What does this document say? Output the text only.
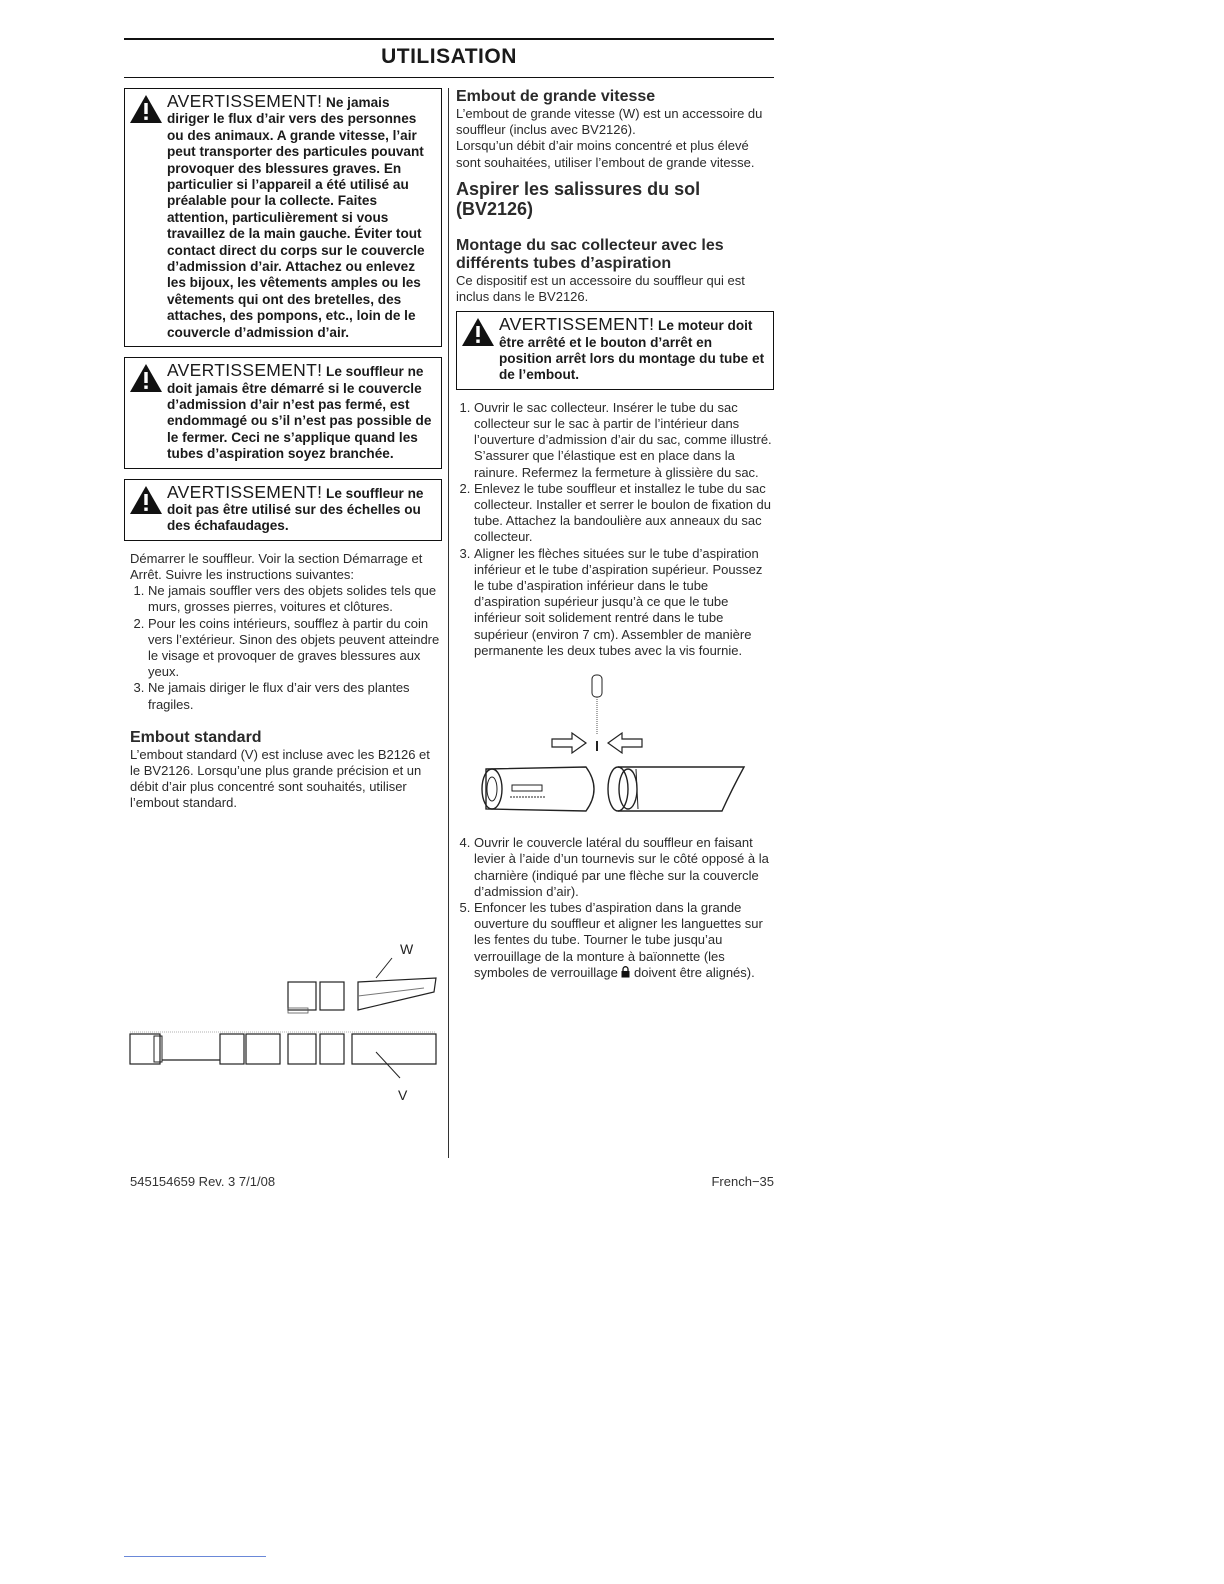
UTILISATION
AVERTISSEMENT! Ne jamais diriger le flux d’air vers des personnes ou des animaux. A grande vitesse, l’air peut transporter des particules pouvant provoquer des blessures graves. En particulier si l’appareil a été utilisé au préalable pour la collecte. Faites attention, particulièrement si vous travaillez de la main gauche. Éviter tout contact direct du corps sur le couvercle d’admission d’air. Attachez ou enlevez les bijoux, les vêtements amples ou les vêtements qui ont des bretelles, des attaches, des pompons, etc., loin de le couvercle d’admission d’air.
AVERTISSEMENT! Le souffleur ne doit jamais être démarré si le couvercle d’admission d’air n’est pas fermé, est endommagé ou s’il n’est pas possible de le fermer. Ceci ne s’applique quand les tubes d’aspiration soyez branchée.
AVERTISSEMENT! Le souffleur ne doit pas être utilisé sur des échelles ou des échafaudages.

Démarrer le souffleur. Voir la section Démarrage et Arrêt. Suivre les instructions suivantes:

1. Ne jamais souffler vers des objets solides tels que murs, grosses pierres, voitures et clôtures.
2. Pour les coins intérieurs, soufflez à partir du coin vers l’extérieur. Sinon des objets peuvent atteindre le visage et provoquer de graves blessures aux yeux.
3. Ne jamais diriger le flux d’air vers des plantes fragiles.
Embout standard

L’embout standard (V) est incluse avec les B2126 et le BV2126. Lorsqu’une plus grande précision et un débit d’air plus concentré sont souhaités, utiliser l’embout standard.

W
V
Embout de grande vitesse

L’embout de grande vitesse (W) est un accessoire du souffleur (inclus avec BV2126).

Lorsqu’un débit d’air moins concentré et plus élevé sont souhaitées, utiliser l’embout de grande vitesse.

Aspirer les salissures du sol (BV2126)
Montage du sac collecteur avec les différents tubes d’aspiration

Ce dispositif est un accessoire du souffleur qui est inclus dans le BV2126.

AVERTISSEMENT! Le moteur doit être arrêté et le bouton d’arrêt en position arrêt lors du montage du tube et de l’embout.
1. Ouvrir le sac collecteur. Insérer le tube du sac collecteur sur le sac à partir de l’intérieur dans l’ouverture d’admission d’air du sac, comme illustré. S’assurer que l’élastique est en place dans la rainure. Refermez la fermeture à glissière du sac.
2. Enlevez le tube souffleur et installez le tube du sac collecteur. Installer et serrer le boulon de fixation du tube. Attachez la bandoulière aux anneaux du sac collecteur.
3. Aligner les flèches situées sur le tube d’aspiration inférieur et le tube d’aspiration supérieur. Poussez le tube d’aspiration inférieur dans le tube d’aspiration supérieur jusqu’à ce que le tube inférieur soit solidement rentré dans le tube supérieur (environ 7 cm). Assembler de manière permanente les deux tubes avec la vis fournie.
4. Ouvrir le couvercle latéral du souffleur en faisant levier à l’aide d’un tournevis sur le côté opposé à la charnière (indiqué par une flèche sur la couvercle d’admission d’air).
5. Enfoncer les tubes d’aspiration dans la grande ouverture du souffleur et aligner les languettes sur les fentes du tube. Tourner le tube jusqu’au verrouillage de la monture à baïonnette (les symboles de verrouillage doivent être alignés).
545154659 Rev. 3 7/1/08	French−35
